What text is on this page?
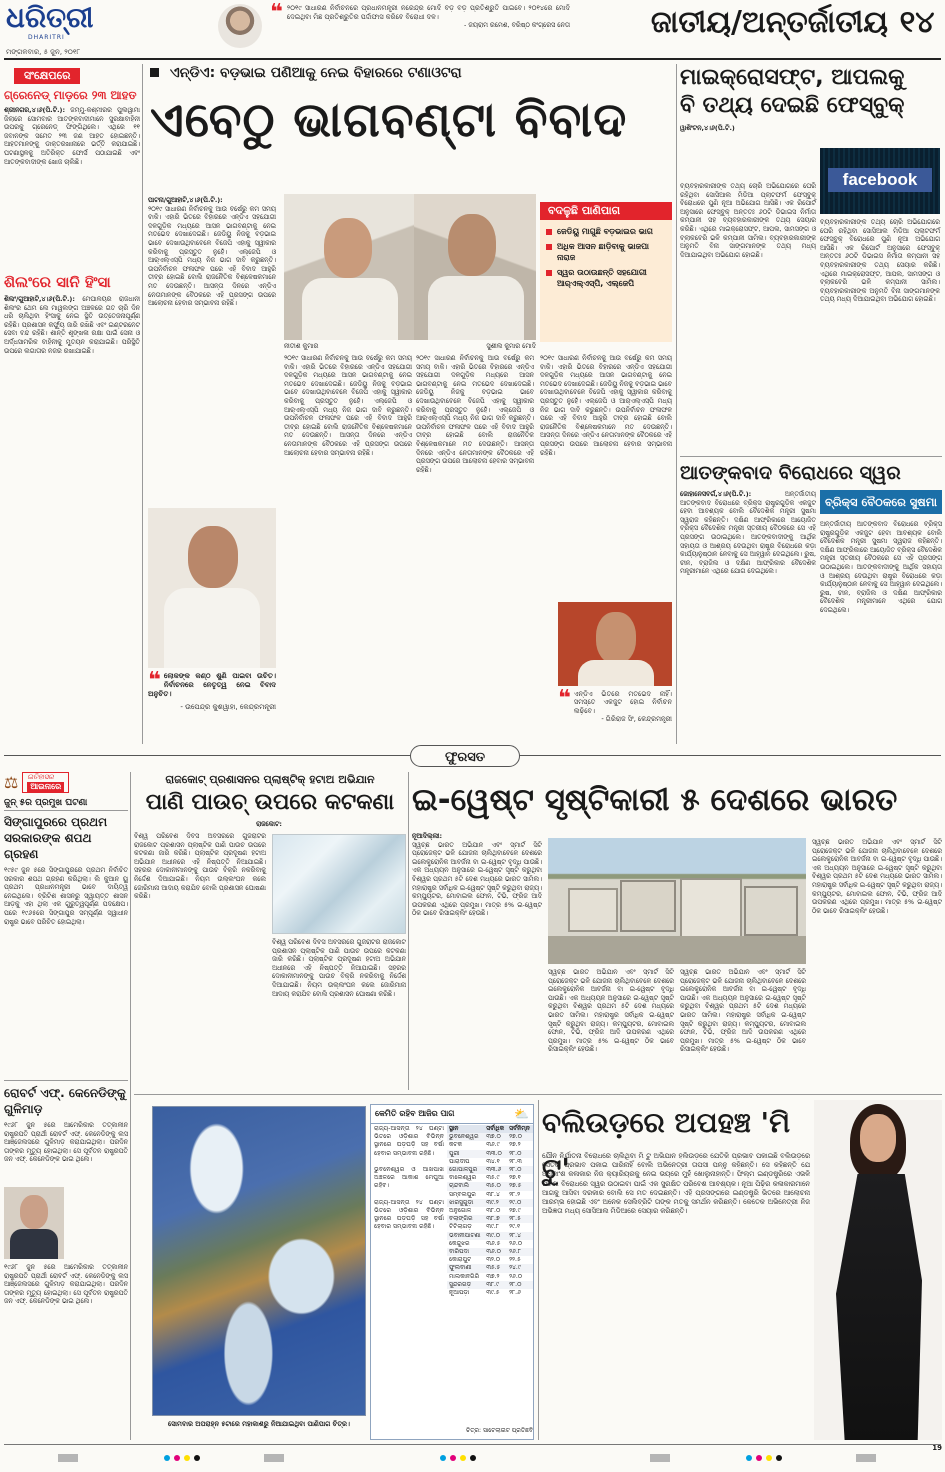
ଧରିତ୍ରୀ
DHARITRI
ମଙ୍ଗଳବାର, ୫ ଜୁନ, ୨୦୧୮
❝ ୨୦୧୯ ସାଧାରଣ ନିର୍ବାଚନରେ ପ୍ରଧାନମନ୍ତ୍ରୀ ନରେନ୍ଦ୍ର ମୋଦି ବଡ଼ ବଡ଼ ପ୍ରତିଶ୍ରୁତି ପାଇବେ। ୨୦୧୪ରେ ମୋଦି ଦେଇଥିବା ମିଛ ପ୍ରତିଶ୍ରୁତିର ପର୍ଦ୍ଦାଫାସ କରିବେ ବିରୋଧୀ ଦଳ।
- ଜୟରାମ ରମେଶ, ବରିଷ୍ଠ କଂଗ୍ରେସ ନେତା	ଜାତୀୟ/ଅନ୍ତର୍ଜାତୀୟ ୧୪
ସଂକ୍ଷେପରେ
ଗ୍ରେନେଡ୍ ମାଡ଼ରେ ୨୩ ଆହତ
ଶ୍ରୀନଗର,୪।୬(ପି.ଟି.): ଜମ୍ମୁ-କଶ୍ମୀରର ପୁଲୱାମା ଜିଲାରେ ସୋମବାର ଆତଙ୍କବାଦୀମାନେ ସୁରକ୍ଷାବାହିନୀ ଉପରକୁ ଗ୍ରେନେଡ୍ ଫିଙ୍ଗିଥିଲେ। ଏଥିରେ ୧୧ ଜବାନଙ୍କ ସମେତ ୨୩ ଜଣ ଆହତ ହୋଇଛନ୍ତି। ଆହତମାନଙ୍କୁ ଡାକ୍ତରଖାନାରେ ଭର୍ତ୍ତି କରାଯାଇଛି। ଘଟଣାସ୍ଥଳକୁ ଅତିରିକ୍ତ ଫୋର୍ସ ପଠାଯାଇଛି ଏବଂ ଆତଙ୍କବାଦୀଙ୍କ ଖୋଜ ଚାଲିଛି।
ଶିଲଂରେ ସାନି ହିଂସା
ଶିଲଂ/ଗୁଆହାଟି,୪।୬(ପି.ଟି.): ମେଘାଳୟର ରାଜଧାନୀ ଶିଲଂର ଥେମ ଲେ ମାୱଲଙ୍ଗ ଅଞ୍ଚଳରେ ଗତ ଚାରି ଦିନ ଧରି ଚାଲିଥିବା ହିଂସାକୁ ନେଇ ସ୍ଥିତି ଉତ୍ତେଜନାପୂର୍ଣ୍ଣ ରହିଛି। ପ୍ରଶାସନ କର୍ଫ୍ୟୁ ଜାରି ରଖିଛି ଏବଂ ଇଣ୍ଟରନେଟ ସେବା ବନ୍ଦ ରହିଛି। ଶାନ୍ତି ଶୃଙ୍ଖଳା ରକ୍ଷା ପାଇଁ ସେନା ଓ ଅର୍ଦ୍ଧସାମରିକ ବାହିନୀକୁ ମୁତୟନ କରାଯାଇଛି। ପରିସ୍ଥିତି ଉପରେ ଲଗାତାର ନଜର ରଖାଯାଇଛି।
ଏନ୍‌ଡିଏ: ବଡ଼ଭାଇ ପଣିଆକୁ ନେଇ ବିହାରରେ ଟଣାଓଟରା
ଏବେଠୁ ଭାଗବଣ୍ଟା ବିବାଦ
ପାଟନା/ଗୁଆହାଟି,୪।୬(ପି.ଟି.):
୨୦୧୯ ସାଧାରଣ ନିର୍ବାଚନକୁ ଆଉ ବର୍ଷେରୁ କମ ସମୟ ବାକି। ଏହାରି ଭିତରେ ବିହାରରେ ଏନ୍‌ଡିଏ ସହଯୋଗୀ ଦଳଗୁଡ଼ିକ ମଧ୍ୟରେ ଆସନ ଭାଗବଣ୍ଟାକୁ ନେଇ ମତଭେଦ ଦେଖାଦେଇଛି। ଜେଡିୟୁ ନିଜକୁ ବଡ଼ଭାଇ ଭାବେ ଦେଖାଉଥିବାବେଳେ ବିଜେପି ଏହାକୁ ସ୍ୱୀକାର କରିବାକୁ ପ୍ରସ୍ତୁତ ନୁହେଁ। ଏଲ୍‌ଜେପି ଓ ଆର୍‌ଏଲ୍‌ଏସ୍‌ପି ମଧ୍ୟ ନିଜ ଭାଗ ଦାବି କରୁଛନ୍ତି। ଉପନିର୍ବାଚନ ଫଳାଫଳ ପରେ ଏହି ବିବାଦ ଆହୁରି ତୀବ୍ର ହୋଇଛି ବୋଲି ରାଜନୈତିକ ବିଶ୍ଳେଷକମାନେ ମତ ଦେଉଛନ୍ତି। ଆସନ୍ତା ଦିନରେ ଏନ୍‌ଡିଏ ନେତାମାନଙ୍କ ବୈଠକରେ ଏହି ପ୍ରସଙ୍ଗ ଉପରେ ଆଲୋଚନା ହେବାର ସମ୍ଭାବନା ରହିଛି।
ନୀତୀଶ କୁମାର	ସୁଶୀଲ କୁମାର ମୋଦି
ବଦଳୁଛି ପାଣିପାଗ
ଜେଡିୟୁ ମାଗୁଛି ବଡ଼ଭାଇର ଭାଗ
ଅଧିକ ଆସନ ଛାଡ଼ିବାକୁ ଭାଜପା ନାରାଜ
ସ୍ୱର ଉଠାଉଛନ୍ତି ସହଯୋଗୀ ଆର୍‌ଏଲ୍‌ଏସ୍‌ପି, ଏଲ୍‌ଜେପି
୨୦୧୯ ସାଧାରଣ ନିର୍ବାଚନକୁ ଆଉ ବର୍ଷେରୁ କମ ସମୟ ବାକି। ଏହାରି ଭିତରେ ବିହାରରେ ଏନ୍‌ଡିଏ ସହଯୋଗୀ ଦଳଗୁଡ଼ିକ ମଧ୍ୟରେ ଆସନ ଭାଗବଣ୍ଟାକୁ ନେଇ ମତଭେଦ ଦେଖାଦେଇଛି। ଜେଡିୟୁ ନିଜକୁ ବଡ଼ଭାଇ ଭାବେ ଦେଖାଉଥିବାବେଳେ ବିଜେପି ଏହାକୁ ସ୍ୱୀକାର କରିବାକୁ ପ୍ରସ୍ତୁତ ନୁହେଁ। ଏଲ୍‌ଜେପି ଓ ଆର୍‌ଏଲ୍‌ଏସ୍‌ପି ମଧ୍ୟ ନିଜ ଭାଗ ଦାବି କରୁଛନ୍ତି। ଉପନିର୍ବାଚନ ଫଳାଫଳ ପରେ ଏହି ବିବାଦ ଆହୁରି ତୀବ୍ର ହୋଇଛି ବୋଲି ରାଜନୈତିକ ବିଶ୍ଳେଷକମାନେ ମତ ଦେଉଛନ୍ତି। ଆସନ୍ତା ଦିନରେ ଏନ୍‌ଡିଏ ନେତାମାନଙ୍କ ବୈଠକରେ ଏହି ପ୍ରସଙ୍ଗ ଉପରେ ଆଲୋଚନା ହେବାର ସମ୍ଭାବନା ରହିଛି।
୨୦୧୯ ସାଧାରଣ ନିର୍ବାଚନକୁ ଆଉ ବର୍ଷେରୁ କମ ସମୟ ବାକି। ଏହାରି ଭିତରେ ବିହାରରେ ଏନ୍‌ଡିଏ ସହଯୋଗୀ ଦଳଗୁଡ଼ିକ ମଧ୍ୟରେ ଆସନ ଭାଗବଣ୍ଟାକୁ ନେଇ ମତଭେଦ ଦେଖାଦେଇଛି। ଜେଡିୟୁ ନିଜକୁ ବଡ଼ଭାଇ ଭାବେ ଦେଖାଉଥିବାବେଳେ ବିଜେପି ଏହାକୁ ସ୍ୱୀକାର କରିବାକୁ ପ୍ରସ୍ତୁତ ନୁହେଁ। ଏଲ୍‌ଜେପି ଓ ଆର୍‌ଏଲ୍‌ଏସ୍‌ପି ମଧ୍ୟ ନିଜ ଭାଗ ଦାବି କରୁଛନ୍ତି। ଉପନିର୍ବାଚନ ଫଳାଫଳ ପରେ ଏହି ବିବାଦ ଆହୁରି ତୀବ୍ର ହୋଇଛି ବୋଲି ରାଜନୈତିକ ବିଶ୍ଳେଷକମାନେ ମତ ଦେଉଛନ୍ତି। ଆସନ୍ତା ଦିନରେ ଏନ୍‌ଡିଏ ନେତାମାନଙ୍କ ବୈଠକରେ ଏହି ପ୍ରସଙ୍ଗ ଉପରେ ଆଲୋଚନା ହେବାର ସମ୍ଭାବନା ରହିଛି।
୨୦୧୯ ସାଧାରଣ ନିର୍ବାଚନକୁ ଆଉ ବର୍ଷେରୁ କମ ସମୟ ବାକି। ଏହାରି ଭିତରେ ବିହାରରେ ଏନ୍‌ଡିଏ ସହଯୋଗୀ ଦଳଗୁଡ଼ିକ ମଧ୍ୟରେ ଆସନ ଭାଗବଣ୍ଟାକୁ ନେଇ ମତଭେଦ ଦେଖାଦେଇଛି। ଜେଡିୟୁ ନିଜକୁ ବଡ଼ଭାଇ ଭାବେ ଦେଖାଉଥିବାବେଳେ ବିଜେପି ଏହାକୁ ସ୍ୱୀକାର କରିବାକୁ ପ୍ରସ୍ତୁତ ନୁହେଁ। ଏଲ୍‌ଜେପି ଓ ଆର୍‌ଏଲ୍‌ଏସ୍‌ପି ମଧ୍ୟ ନିଜ ଭାଗ ଦାବି କରୁଛନ୍ତି। ଉପନିର୍ବାଚନ ଫଳାଫଳ ପରେ ଏହି ବିବାଦ ଆହୁରି ତୀବ୍ର ହୋଇଛି ବୋଲି ରାଜନୈତିକ ବିଶ୍ଳେଷକମାନେ ମତ ଦେଉଛନ୍ତି। ଆସନ୍ତା ଦିନରେ ଏନ୍‌ଡିଏ ନେତାମାନଙ୍କ ବୈଠକରେ ଏହି ପ୍ରସଙ୍ଗ ଉପରେ ଆଲୋଚନା ହେବାର ସମ୍ଭାବନା ରହିଛି।
❝ ଲୋକଙ୍କ କଣ୍ଠ ଶୁଣି ପାଇବା ଉଚିତ। ନିର୍ବାଚନରେ ନେତୃତ୍ୱ ନେଇ ବିବାଦ ଅନୁଚିତ।
- ଉପେନ୍ଦ୍ର କୁଶୱାହା, କେନ୍ଦ୍ରମନ୍ତ୍ରୀ	❝ ଏନ୍‌ଡିଏ ଭିତରେ ମତଭେଦ ନାହିଁ। ସମସ୍ତେ ଏକଜୁଟ ହୋଇ ନିର୍ବାଚନ ଲଢ଼ିବେ।
- ଗିରିରାଜ ସିଂ, କେନ୍ଦ୍ରମନ୍ତ୍ରୀ
ମାଇକ୍ରୋସଫ୍ଟ, ଆପଲକୁ
ବି ତଥ୍ୟ ଦେଇଛି ଫେସ୍‌ବୁକ୍
ୱାଶିଂଟନ,୪।୬(ପି.ଟି.)
facebook
ବ୍ୟବହାରକାରୀଙ୍କ ତଥ୍ୟ ଚୋରି ଅଭିଯୋଗରେ ଘେରି ରହିଥିବା ସୋସିଆଲ ମିଡିଆ ପ୍ଲାଟଫର୍ମ ଫେସ୍‌ବୁକ୍ ବିରୋଧରେ ପୁଣି ନୂଆ ଅଭିଯୋଗ ଆସିଛି। ଏକ ରିପୋର୍ଟ ଅନୁସାରେ ଫେସ୍‌ବୁକ୍ ଅନ୍ତତଃ ୬୦ଟି ଡିଭାଇସ ନିର୍ମାତା କମ୍ପାନୀ ସହ ବ୍ୟବହାରକାରୀଙ୍କ ତଥ୍ୟ ସେୟାର କରିଛି। ଏଥିରେ ମାଇକ୍ରୋସଫ୍ଟ, ଆପଲ, ସାମସଙ୍ଗ ଓ ବ୍ଲାକବେରି ଭଳି କମ୍ପାନୀ ସାମିଲ। ବ୍ୟବହାରକାରୀଙ୍କ ଅନୁମତି ବିନା ସାଙ୍ଗମାନଙ୍କ ତଥ୍ୟ ମଧ୍ୟ ଦିଆଯାଇଥିବା ଅଭିଯୋଗ ହୋଇଛି।
ବ୍ୟବହାରକାରୀଙ୍କ ତଥ୍ୟ ଚୋରି ଅଭିଯୋଗରେ ଘେରି ରହିଥିବା ସୋସିଆଲ ମିଡିଆ ପ୍ଲାଟଫର୍ମ ଫେସ୍‌ବୁକ୍ ବିରୋଧରେ ପୁଣି ନୂଆ ଅଭିଯୋଗ ଆସିଛି। ଏକ ରିପୋର୍ଟ ଅନୁସାରେ ଫେସ୍‌ବୁକ୍ ଅନ୍ତତଃ ୬୦ଟି ଡିଭାଇସ ନିର୍ମାତା କମ୍ପାନୀ ସହ ବ୍ୟବହାରକାରୀଙ୍କ ତଥ୍ୟ ସେୟାର କରିଛି। ଏଥିରେ ମାଇକ୍ରୋସଫ୍ଟ, ଆପଲ, ସାମସଙ୍ଗ ଓ ବ୍ଲାକବେରି ଭଳି କମ୍ପାନୀ ସାମିଲ। ବ୍ୟବହାରକାରୀଙ୍କ ଅନୁମତି ବିନା ସାଙ୍ଗମାନଙ୍କ ତଥ୍ୟ ମଧ୍ୟ ଦିଆଯାଇଥିବା ଅଭିଯୋଗ ହୋଇଛି।
ଆତଙ୍କବାଦ ବିରୋଧରେ ସ୍ୱର
ବ୍ରିକ୍ସ ବୈଠକରେ ସୁଷମା
ଜୋହାନେସବର୍ଗ,୪।୬(ପି.ଟି.):	ଅନ୍ତର୍ଜାତୀୟ ଆତଙ୍କବାଦ ବିରୋଧରେ ବ୍ରିକ୍ସ ରାଷ୍ଟ୍ରଗୁଡ଼ିକ ଏକଜୁଟ ହେବା ଆବଶ୍ୟକ ବୋଲି ବୈଦେଶିକ ମନ୍ତ୍ରୀ ସୁଷମା ସ୍ୱରାଜ କହିଛନ୍ତି। ଦକ୍ଷିଣ ଆଫ୍ରିକାରେ ଆୟୋଜିତ ବ୍ରିକ୍ସ ବୈଦେଶିକ ମନ୍ତ୍ରୀ ସ୍ତରୀୟ ବୈଠକରେ ସେ ଏହି ପ୍ରସଙ୍ଗ ଉଠାଇଥିଲେ। ଆତଙ୍କବାଦୀଙ୍କୁ ଆର୍ଥିକ ସହାୟତା ଓ ଆଶ୍ରୟ ଦେଉଥିବା ରାଷ୍ଟ୍ର ବିରୋଧରେ କଡ଼ା କାର୍ଯ୍ୟାନୁଷ୍ଠାନ ନେବାକୁ ସେ ଆହ୍ୱାନ ଦେଇଥିଲେ। ରୁଷ, ଚୀନ, ବ୍ରାଜିଲ ଓ ଦକ୍ଷିଣ ଆଫ୍ରିକାର ବୈଦେଶିକ ମନ୍ତ୍ରୀମାନେ ଏଥିରେ ଯୋଗ ଦେଇଥିଲେ।
ଅନ୍ତର୍ଜାତୀୟ ଆତଙ୍କବାଦ ବିରୋଧରେ ବ୍ରିକ୍ସ ରାଷ୍ଟ୍ରଗୁଡ଼ିକ ଏକଜୁଟ ହେବା ଆବଶ୍ୟକ ବୋଲି ବୈଦେଶିକ ମନ୍ତ୍ରୀ ସୁଷମା ସ୍ୱରାଜ କହିଛନ୍ତି। ଦକ୍ଷିଣ ଆଫ୍ରିକାରେ ଆୟୋଜିତ ବ୍ରିକ୍ସ ବୈଦେଶିକ ମନ୍ତ୍ରୀ ସ୍ତରୀୟ ବୈଠକରେ ସେ ଏହି ପ୍ରସଙ୍ଗ ଉଠାଇଥିଲେ। ଆତଙ୍କବାଦୀଙ୍କୁ ଆର୍ଥିକ ସହାୟତା ଓ ଆଶ୍ରୟ ଦେଉଥିବା ରାଷ୍ଟ୍ର ବିରୋଧରେ କଡ଼ା କାର୍ଯ୍ୟାନୁଷ୍ଠାନ ନେବାକୁ ସେ ଆହ୍ୱାନ ଦେଇଥିଲେ। ରୁଷ, ଚୀନ, ବ୍ରାଜିଲ ଓ ଦକ୍ଷିଣ ଆଫ୍ରିକାର ବୈଦେଶିକ ମନ୍ତ୍ରୀମାନେ ଏଥିରେ ଯୋଗ ଦେଇଥିଲେ।
ଫୁରସତ
⚖ ଇତିହାସର
ଆଇନାରେ
ଜୁନ୍ ୫ର ପ୍ରମୁଖ ଘଟଣା
ସିଙ୍ଗାପୁରରେ ପ୍ରଥମ ସରକାରଙ୍କ ଶପଥ ଗ୍ରହଣ
୧୯୫୯ ଜୁନ ୫ରେ ସିଙ୍ଗାପୁରରେ ପ୍ରଥମ ନିର୍ବାଚିତ ସରକାର ଶପଥ ଗ୍ରହଣ କରିଥିଲା। ଲି କୁଆନ ୟୁ ପ୍ରଥମ ପ୍ରଧାନମନ୍ତ୍ରୀ ଭାବେ ଦାୟିତ୍ୱ ନେଇଥିଲେ। ବ୍ରିଟିଶ ଶାସନରୁ ସ୍ୱାୟତ୍ତ ଶାସନ ଆଡ଼କୁ ଏହା ଥିଲା ଏକ ଗୁରୁତ୍ୱପୂର୍ଣ୍ଣ ପଦକ୍ଷେପ। ପରେ ୧୯୬୫ରେ ସିଙ୍ଗାପୁର ସମ୍ପୂର୍ଣ୍ଣ ସ୍ୱାଧୀନ ରାଷ୍ଟ୍ର ଭାବେ ପରିଚିତ ହୋଇଥିଲା।
ରୋବର୍ଟ ଏଫ୍. କେନେଡିଙ୍କୁ ଗୁଳିମାଡ଼
୧୯୬୮ ଜୁନ ୫ରେ ଆମେରିକାର ତତ୍କାଳୀନ ରାଷ୍ଟ୍ରପତି ପ୍ରାର୍ଥୀ ରୋବର୍ଟ ଏଫ୍. କେନେଡିଙ୍କୁ ଲସ ଆଞ୍ଜେଲସରେ ଗୁଳିମାଡ଼ କରାଯାଇଥିଲା। ପରଦିନ ତାଙ୍କର ମୃତ୍ୟୁ ହୋଇଥିଲା। ସେ ପୂର୍ବତନ ରାଷ୍ଟ୍ରପତି ଜନ ଏଫ୍. କେନେଡିଙ୍କ ଭାଇ ଥିଲେ।
୧୯୬୮ ଜୁନ ୫ରେ ଆମେରିକାର ତତ୍କାଳୀନ ରାଷ୍ଟ୍ରପତି ପ୍ରାର୍ଥୀ ରୋବର୍ଟ ଏଫ୍. କେନେଡିଙ୍କୁ ଲସ ଆଞ୍ଜେଲସରେ ଗୁଳିମାଡ଼ କରାଯାଇଥିଲା। ପରଦିନ ତାଙ୍କର ମୃତ୍ୟୁ ହୋଇଥିଲା। ସେ ପୂର୍ବତନ ରାଷ୍ଟ୍ରପତି ଜନ ଏଫ୍. କେନେଡିଙ୍କ ଭାଇ ଥିଲେ।
ରାଜକୋଟ୍ ପ୍ରଶାସନର ପ୍ଲାଷ୍ଟିକ୍ ହଟାଅ ଅଭିଯାନ
ପାଣି ପାଉଚ୍ ଉପରେ କଟକଣା
ରାଜକୋଟ:
ବିଶ୍ୱ ପରିବେଶ ଦିବସ ଅବସରରେ ଗୁଜରାଟର ରାଜକୋଟ ପ୍ରଶାସନ ପ୍ଲାଷ୍ଟିକ ପାଣି ପାଉଚ ଉପରେ କଟକଣା ଜାରି କରିଛି। ପ୍ଲାଷ୍ଟିକ ପ୍ରଦୂଷଣ ହଟାଅ ଅଭିଯାନ ଅଧୀନରେ ଏହି ନିଷ୍ପତ୍ତି ନିଆଯାଇଛି। ସହରର ଦୋକାନୀମାନଙ୍କୁ ପାଉଚ ବିକ୍ରି ନକରିବାକୁ ନିର୍ଦ୍ଦେଶ ଦିଆଯାଇଛି। ନିୟମ ଉଲ୍ଲଂଘନ କଲେ ଜୋରିମାନା ଆଦାୟ କରାଯିବ ବୋଲି ପ୍ରଶାସନ ଘୋଷଣା କରିଛି।
ବିଶ୍ୱ ପରିବେଶ ଦିବସ ଅବସରରେ ଗୁଜରାଟର ରାଜକୋଟ ପ୍ରଶାସନ ପ୍ଲାଷ୍ଟିକ ପାଣି ପାଉଚ ଉପରେ କଟକଣା ଜାରି କରିଛି। ପ୍ଲାଷ୍ଟିକ ପ୍ରଦୂଷଣ ହଟାଅ ଅଭିଯାନ ଅଧୀନରେ ଏହି ନିଷ୍ପତ୍ତି ନିଆଯାଇଛି। ସହରର ଦୋକାନୀମାନଙ୍କୁ ପାଉଚ ବିକ୍ରି ନକରିବାକୁ ନିର୍ଦ୍ଦେଶ ଦିଆଯାଇଛି। ନିୟମ ଉଲ୍ଲଂଘନ କଲେ ଜୋରିମାନା ଆଦାୟ କରାଯିବ ବୋଲି ପ୍ରଶାସନ ଘୋଷଣା କରିଛି।
ଇ-ୱେଷ୍ଟ ସୃଷ୍ଟିକାରୀ ୫ ଦେଶରେ ଭାରତ
ନୂଆଦିଲ୍ଲୀ:
ସ୍ୱଚ୍ଛ ଭାରତ ଅଭିଯାନ ଏବଂ ସ୍ମାର୍ଟ ସିଟି ପ୍ରୋଜେକ୍ଟ ଭଳି ଯୋଜନା ଚାଲିଥିବାବେଳେ ଦେଶରେ ଇଲେକ୍ଟ୍ରୋନିକ ଆବର୍ଜନା ବା ଇ-ୱେଷ୍ଟ ବୃଦ୍ଧି ପାଉଛି। ଏକ ଅଧ୍ୟୟନ ଅନୁସାରେ ଇ-ୱେଷ୍ଟ ସୃଷ୍ଟି କରୁଥିବା ବିଶ୍ୱର ପ୍ରଥମ ୫ଟି ଦେଶ ମଧ୍ୟରେ ଭାରତ ସାମିଲ। ମହାରାଷ୍ଟ୍ର ସର୍ବାଧିକ ଇ-ୱେଷ୍ଟ ସୃଷ୍ଟି କରୁଥିବା ରାଜ୍ୟ। କମ୍ପ୍ୟୁଟର, ମୋବାଇଲ ଫୋନ, ଟିଭି, ଫ୍ରିଜ ଆଦି ଉପକରଣ ଏଥିରେ ପ୍ରମୁଖ। ମାତ୍ର ୫% ଇ-ୱେଷ୍ଟ ଠିକ ଭାବେ ରିସାଇକ୍ଲିଂ ହେଉଛି।
ସ୍ୱଚ୍ଛ ଭାରତ ଅଭିଯାନ ଏବଂ ସ୍ମାର୍ଟ ସିଟି ପ୍ରୋଜେକ୍ଟ ଭଳି ଯୋଜନା ଚାଲିଥିବାବେଳେ ଦେଶରେ ଇଲେକ୍ଟ୍ରୋନିକ ଆବର୍ଜନା ବା ଇ-ୱେଷ୍ଟ ବୃଦ୍ଧି ପାଉଛି। ଏକ ଅଧ୍ୟୟନ ଅନୁସାରେ ଇ-ୱେଷ୍ଟ ସୃଷ୍ଟି କରୁଥିବା ବିଶ୍ୱର ପ୍ରଥମ ୫ଟି ଦେଶ ମଧ୍ୟରେ ଭାରତ ସାମିଲ। ମହାରାଷ୍ଟ୍ର ସର୍ବାଧିକ ଇ-ୱେଷ୍ଟ ସୃଷ୍ଟି କରୁଥିବା ରାଜ୍ୟ। କମ୍ପ୍ୟୁଟର, ମୋବାଇଲ ଫୋନ, ଟିଭି, ଫ୍ରିଜ ଆଦି ଉପକରଣ ଏଥିରେ ପ୍ରମୁଖ। ମାତ୍ର ୫% ଇ-ୱେଷ୍ଟ ଠିକ ଭାବେ ରିସାଇକ୍ଲିଂ ହେଉଛି।
ସ୍ୱଚ୍ଛ ଭାରତ ଅଭିଯାନ ଏବଂ ସ୍ମାର୍ଟ ସିଟି ପ୍ରୋଜେକ୍ଟ ଭଳି ଯୋଜନା ଚାଲିଥିବାବେଳେ ଦେଶରେ ଇଲେକ୍ଟ୍ରୋନିକ ଆବର୍ଜନା ବା ଇ-ୱେଷ୍ଟ ବୃଦ୍ଧି ପାଉଛି। ଏକ ଅଧ୍ୟୟନ ଅନୁସାରେ ଇ-ୱେଷ୍ଟ ସୃଷ୍ଟି କରୁଥିବା ବିଶ୍ୱର ପ୍ରଥମ ୫ଟି ଦେଶ ମଧ୍ୟରେ ଭାରତ ସାମିଲ। ମହାରାଷ୍ଟ୍ର ସର୍ବାଧିକ ଇ-ୱେଷ୍ଟ ସୃଷ୍ଟି କରୁଥିବା ରାଜ୍ୟ। କମ୍ପ୍ୟୁଟର, ମୋବାଇଲ ଫୋନ, ଟିଭି, ଫ୍ରିଜ ଆଦି ଉପକରଣ ଏଥିରେ ପ୍ରମୁଖ। ମାତ୍ର ୫% ଇ-ୱେଷ୍ଟ ଠିକ ଭାବେ ରିସାଇକ୍ଲିଂ ହେଉଛି।
ସ୍ୱଚ୍ଛ ଭାରତ ଅଭିଯାନ ଏବଂ ସ୍ମାର୍ଟ ସିଟି ପ୍ରୋଜେକ୍ଟ ଭଳି ଯୋଜନା ଚାଲିଥିବାବେଳେ ଦେଶରେ ଇଲେକ୍ଟ୍ରୋନିକ ଆବର୍ଜନା ବା ଇ-ୱେଷ୍ଟ ବୃଦ୍ଧି ପାଉଛି। ଏକ ଅଧ୍ୟୟନ ଅନୁସାରେ ଇ-ୱେଷ୍ଟ ସୃଷ୍ଟି କରୁଥିବା ବିଶ୍ୱର ପ୍ରଥମ ୫ଟି ଦେଶ ମଧ୍ୟରେ ଭାରତ ସାମିଲ। ମହାରାଷ୍ଟ୍ର ସର୍ବାଧିକ ଇ-ୱେଷ୍ଟ ସୃଷ୍ଟି କରୁଥିବା ରାଜ୍ୟ। କମ୍ପ୍ୟୁଟର, ମୋବାଇଲ ଫୋନ, ଟିଭି, ଫ୍ରିଜ ଆଦି ଉପକରଣ ଏଥିରେ ପ୍ରମୁଖ। ମାତ୍ର ୫% ଇ-ୱେଷ୍ଟ ଠିକ ଭାବେ ରିସାଇକ୍ଲିଂ ହେଉଛି।
ସୋମବାର ଅପରାହ୍ନ ୫ଟାରେ ମହାକାଶରୁ ନିଆଯାଇଥିବା ପାଣିପାଗ ଚିତ୍ର।
କେମିତି ରହିବ ଆଜିର ପାଗ	⛅
ରାଜ୍ୟ-ଆସନ୍ତା ୨୪ ଘଣ୍ଟା ଭିତରେ ଓଡ଼ିଶାର ବିଭିନ୍ନ ସ୍ଥାନରେ ଘଡ଼ଘଡ଼ି ସହ ବର୍ଷା ହେବାର ସମ୍ଭାବନା ରହିଛି।

ଭୁବନେଶ୍ୱର ଓ ଆଖପାଖ ଅଞ୍ଚଳରେ ଆକାଶ ମେଘୁଆ ରହିବ।

ରାଜ୍ୟ-ଆସନ୍ତା ୨୪ ଘଣ୍ଟା ଭିତରେ ଓଡ଼ିଶାର ବିଭିନ୍ନ ସ୍ଥାନରେ ଘଡ଼ଘଡ଼ି ସହ ବର୍ଷା ହେବାର ସମ୍ଭାବନା ରହିଛି।
ସ୍ଥାନ	ସର୍ବାଧିକ	ସର୍ବନିମ୍ନ
ଭୁବନେଶ୍ୱର	୩୭.୦	୨୭.୦
କଟକ	୩୬.୯	୨୭.୨
ପୁରୀ	୩୩.୦	୨୮.୦
ପାରାଦୀପ	୩୪.୧	୨୮.୩
ଗୋପାଳପୁର	୩୩.୬	୨୮.୦
ବାଲେଶ୍ୱର	୩୫.୯	୨୭.୧
ଚାନ୍ଦବାଲି	୩୫.୦	୨୭.୫
ସମ୍ବଲପୁର	୩୮.୪	୨୮.୨
ଝାରସୁଗୁଡ଼ା	୩୯.୨	୨୯.୦
ଅନୁଗୋଳ	୩୮.୦	୨୭.୯
ବଲାଙ୍ଗିର	୩୮.୭	୨୮.୫
ଟିଟିଲାଗଡ଼	୩୯.୮	୨୯.୧
ଭବାନୀପାଟଣା	୩୯.୦	୨୮.୪
କେନ୍ଦୁଝର	୩୬.୫	୨୬.୦
ବାରିପଦା	୩୬.୦	୨୬.୮
କୋରାପୁଟ	୩୨.୦	୨୨.୫
ଫୁଲବାଣୀ	୩୫.୫	୨୪.୯
ମାଲକାନଗିରି	୩୭.୨	୨୬.୦
ସୁନ୍ଦରଗଡ଼	୩୮.୯	୨୮.୦
ନୂଆପଡ଼ା	୩୯.୫	୨୮.୬
ଚିତ୍ର: ସାଟେଲାଇଟ ପ୍ରତିଛବି
ବଲିଉଡ଼ରେ ଅପହଞ୍ଚ 'ମି ଟୁ'
ଯୌନ ନିର୍ଯାତନା ବିରୋଧରେ ଚାଲିଥିବା ମି ଟୁ ଅଭିଯାନ ହଲିଉଡ଼ରେ ଯେତିକି ପ୍ରଭାବ ପକାଇଛି ବଲିଉଡ଼ରେ ସେତିକି ପ୍ରଭାବ ପକାଇ ପାରିନାହିଁ ବୋଲି ଅଭିନେତ୍ରୀ ତାପସୀ ପନ୍ନୁ କହିଛନ୍ତି। ସେ କହିଛନ୍ତି ଯେ ଅଧିକାଂଶ କଳାକାର ନିଜ କ୍ୟାରିୟରକୁ ନେଇ ଭୟରେ ମୁହଁ ଖୋଲୁନାହାନ୍ତି। ଫିଲ୍ମ ଇଣ୍ଡଷ୍ଟ୍ରିରେ ଏଭଳି ଘଟଣା ବିରୋଧରେ ସ୍ୱର ଉଠାଇବା ପାଇଁ ଏକ ସୁରକ୍ଷିତ ପରିବେଶ ଆବଶ୍ୟକ। ନୂଆ ପିଢ଼ିର କଳାକାରମାନେ ଆଗକୁ ଆସିବା ଦରକାର ବୋଲି ସେ ମତ ଦେଇଛନ୍ତି। ଏହି ପ୍ରସଙ୍ଗରେ ଇଣ୍ଡଷ୍ଟ୍ରି ଭିତରେ ଆଲୋଚନା ଆରମ୍ଭ ହୋଇଛି ଏବଂ ଅନେକ ସେଲିବ୍ରିଟି ତାଙ୍କ ମତକୁ ସମର୍ଥନ କରିଛନ୍ତି। କେତେକ ଅଭିନେତ୍ରୀ ନିଜ ଅଭିଜ୍ଞତା ମଧ୍ୟ ସୋସିଆଲ ମିଡିଆରେ ସେୟାର କରିଛନ୍ତି।
19
